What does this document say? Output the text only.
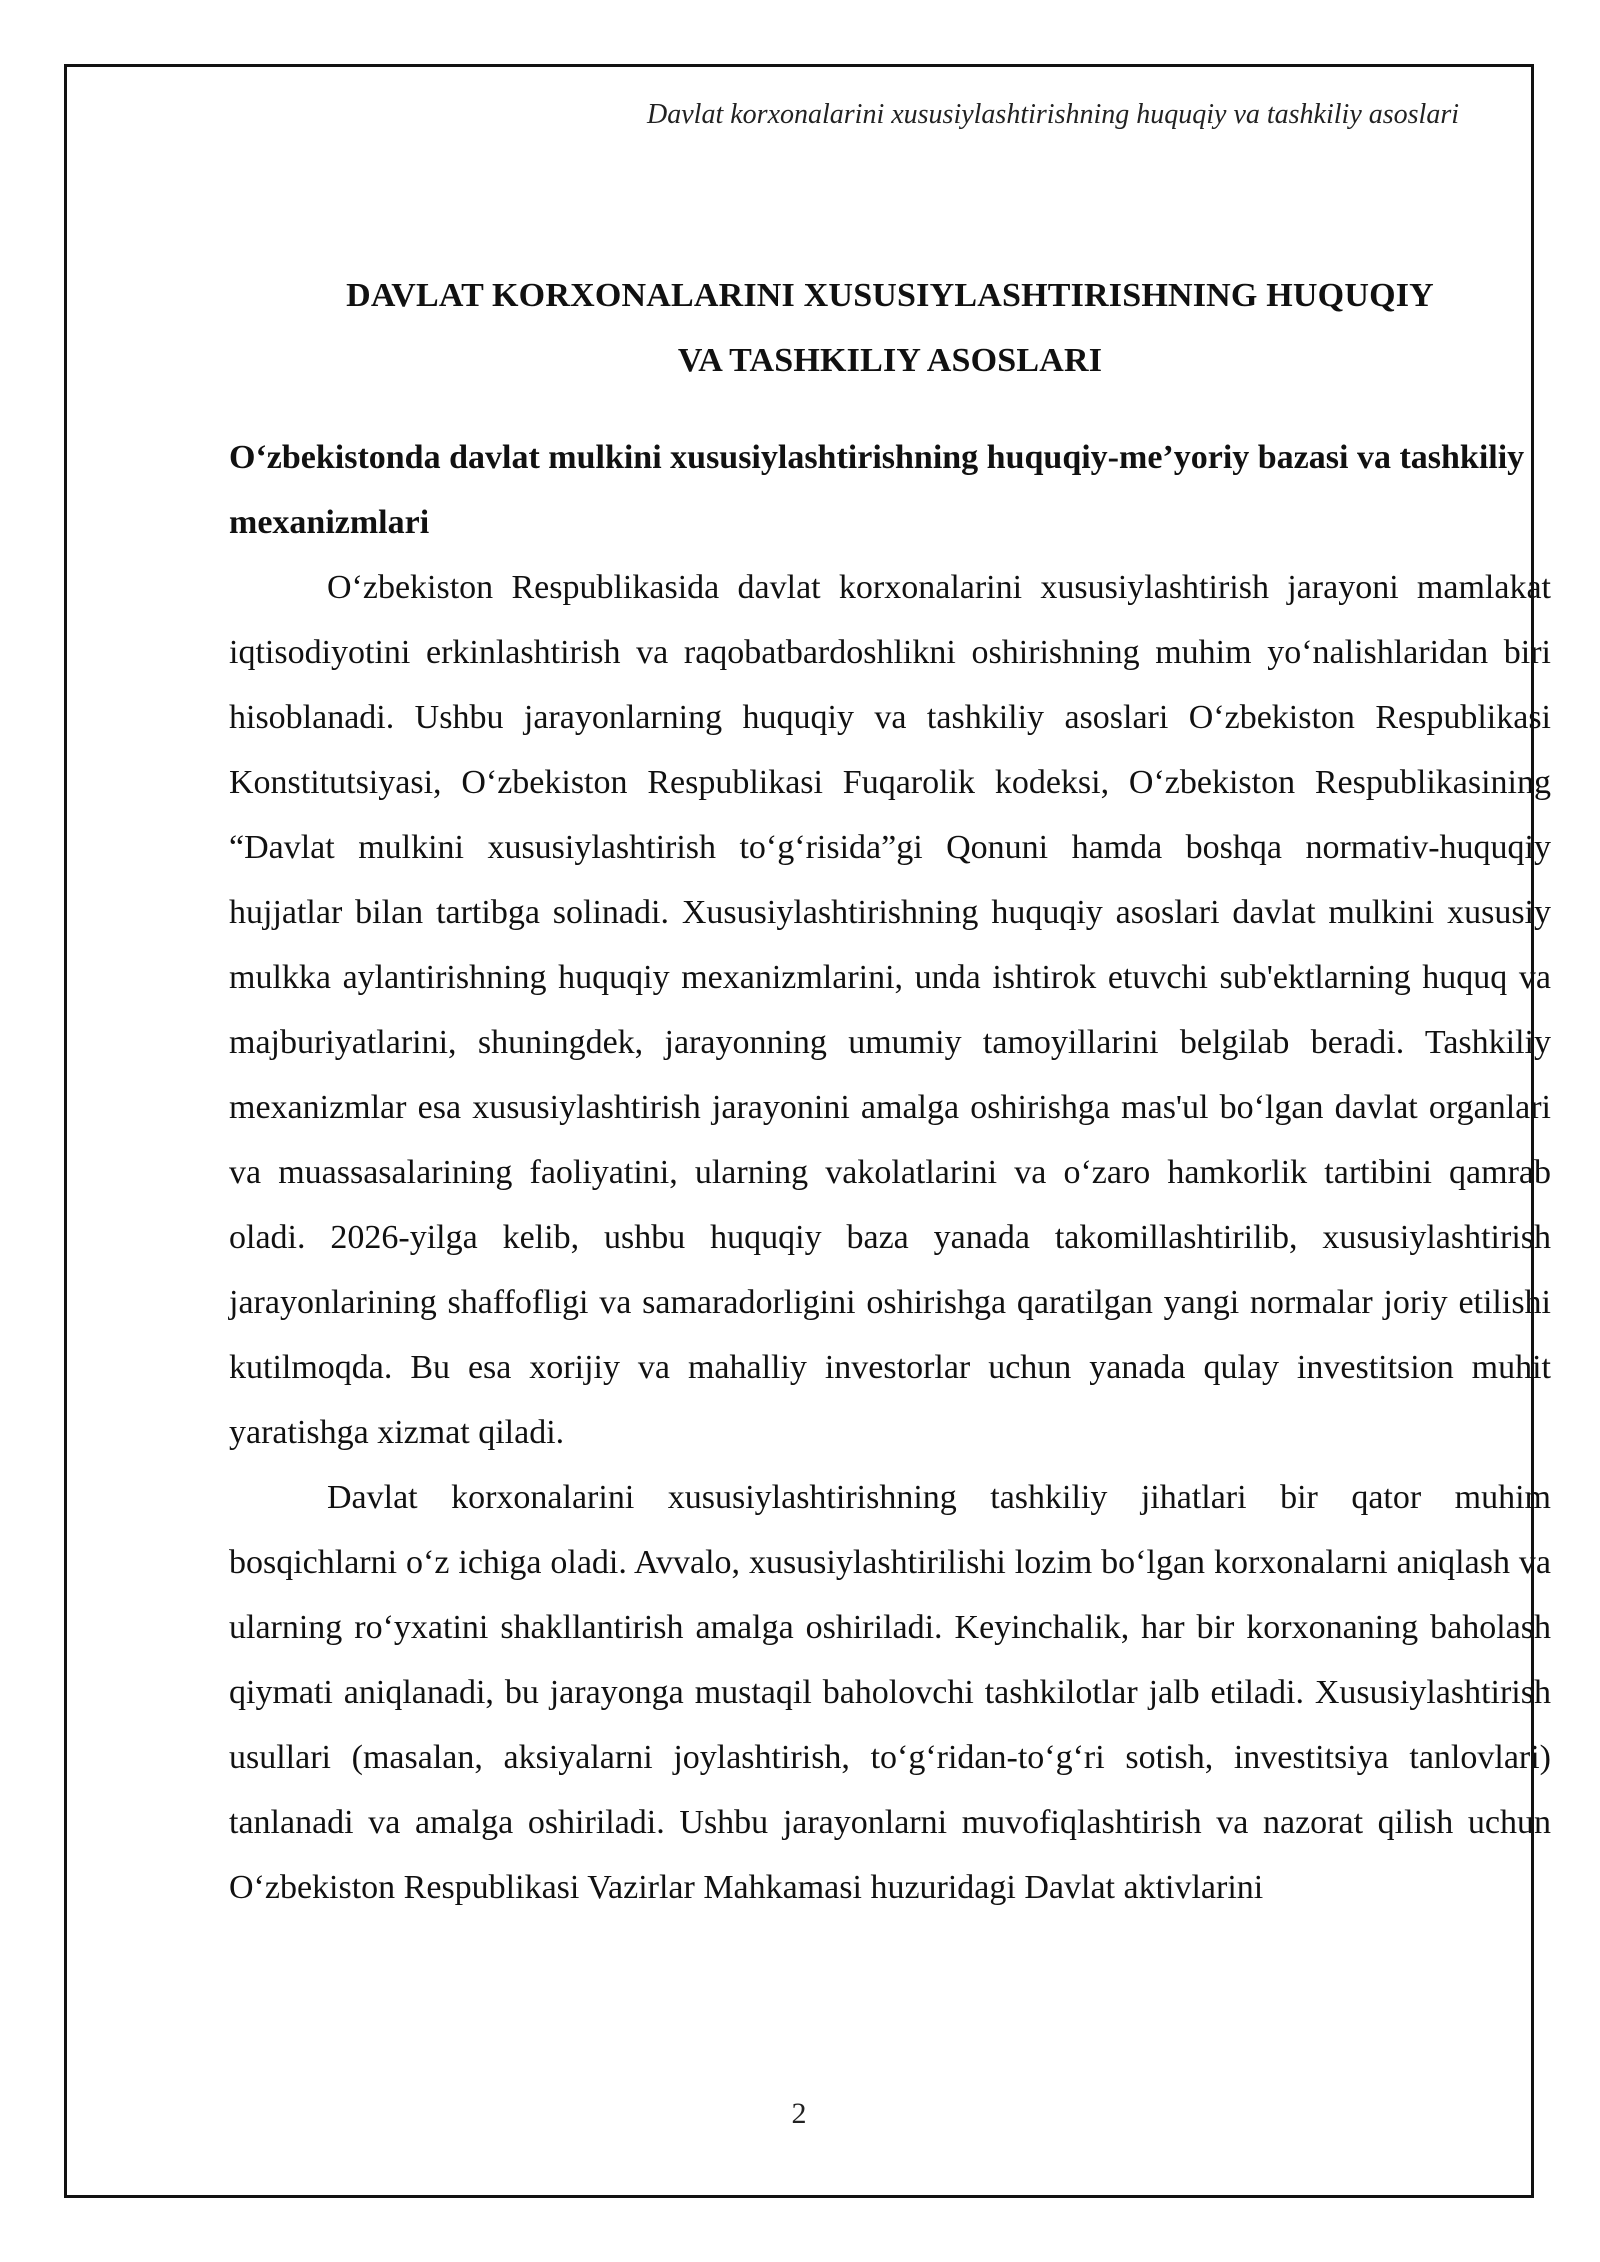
Davlat korxonalarini xususiylashtirishning huquqiy va tashkiliy asoslari
DAVLAT KORXONALARINI XUSUSIYLASHTIRISHNING HUQUQIY
VA TASHKILIY ASOSLARI
O‘zbekistonda davlat mulkini xususiylashtirishning huquqiy-me’yoriy bazasi va tashkiliy mexanizmlari

O‘zbekiston Respublikasida davlat korxonalarini xususiylashtirish jarayoni mamlakat iqtisodiyotini erkinlashtirish va raqobatbardoshlikni oshirishning muhim yo‘nalishlaridan biri hisoblanadi. Ushbu jarayonlarning huquqiy va tashkiliy asoslari O‘zbekiston Respublikasi Konstitutsiyasi, O‘zbekiston Respublikasi Fuqarolik kodeksi, O‘zbekiston Respublikasining “Davlat mulkini xususiylashtirish to‘g‘risida”gi Qonuni hamda boshqa normativ-huquqiy hujjatlar bilan tartibga solinadi. Xususiylashtirishning huquqiy asoslari davlat mulkini xususiy mulkka aylantirishning huquqiy mexanizmlarini, unda ishtirok etuvchi sub'ektlarning huquq va majburiyatlarini, shuningdek, jarayonning umumiy tamoyillarini belgilab beradi. Tashkiliy mexanizmlar esa xususiylashtirish jarayonini amalga oshirishga mas'ul bo‘lgan davlat organlari va muassasalarining faoliyatini, ularning vakolatlarini va o‘zaro hamkorlik tartibini qamrab oladi. 2026-yilga kelib, ushbu huquqiy baza yanada takomillashtirilib, xususiylashtirish jarayonlarining shaffofligi va samaradorligini oshirishga qaratilgan yangi normalar joriy etilishi kutilmoqda. Bu esa xorijiy va mahalliy investorlar uchun yanada qulay investitsion muhit yaratishga xizmat qiladi.

Davlat korxonalarini xususiylashtirishning tashkiliy jihatlari bir qator muhim bosqichlarni o‘z ichiga oladi. Avvalo, xususiylashtirilishi lozim bo‘lgan korxonalarni aniqlash va ularning ro‘yxatini shakllantirish amalga oshiriladi. Keyinchalik, har bir korxonaning baholash qiymati aniqlanadi, bu jarayonga mustaqil baholovchi tashkilotlar jalb etiladi. Xususiylashtirish usullari (masalan, aksiyalarni joylashtirish, to‘g‘ridan-to‘g‘ri sotish, investitsiya tanlovlari) tanlanadi va amalga oshiriladi. Ushbu jarayonlarni muvofiqlashtirish va nazorat qilish uchun O‘zbekiston Respublikasi Vazirlar Mahkamasi huzuridagi Davlat aktivlarini

2
